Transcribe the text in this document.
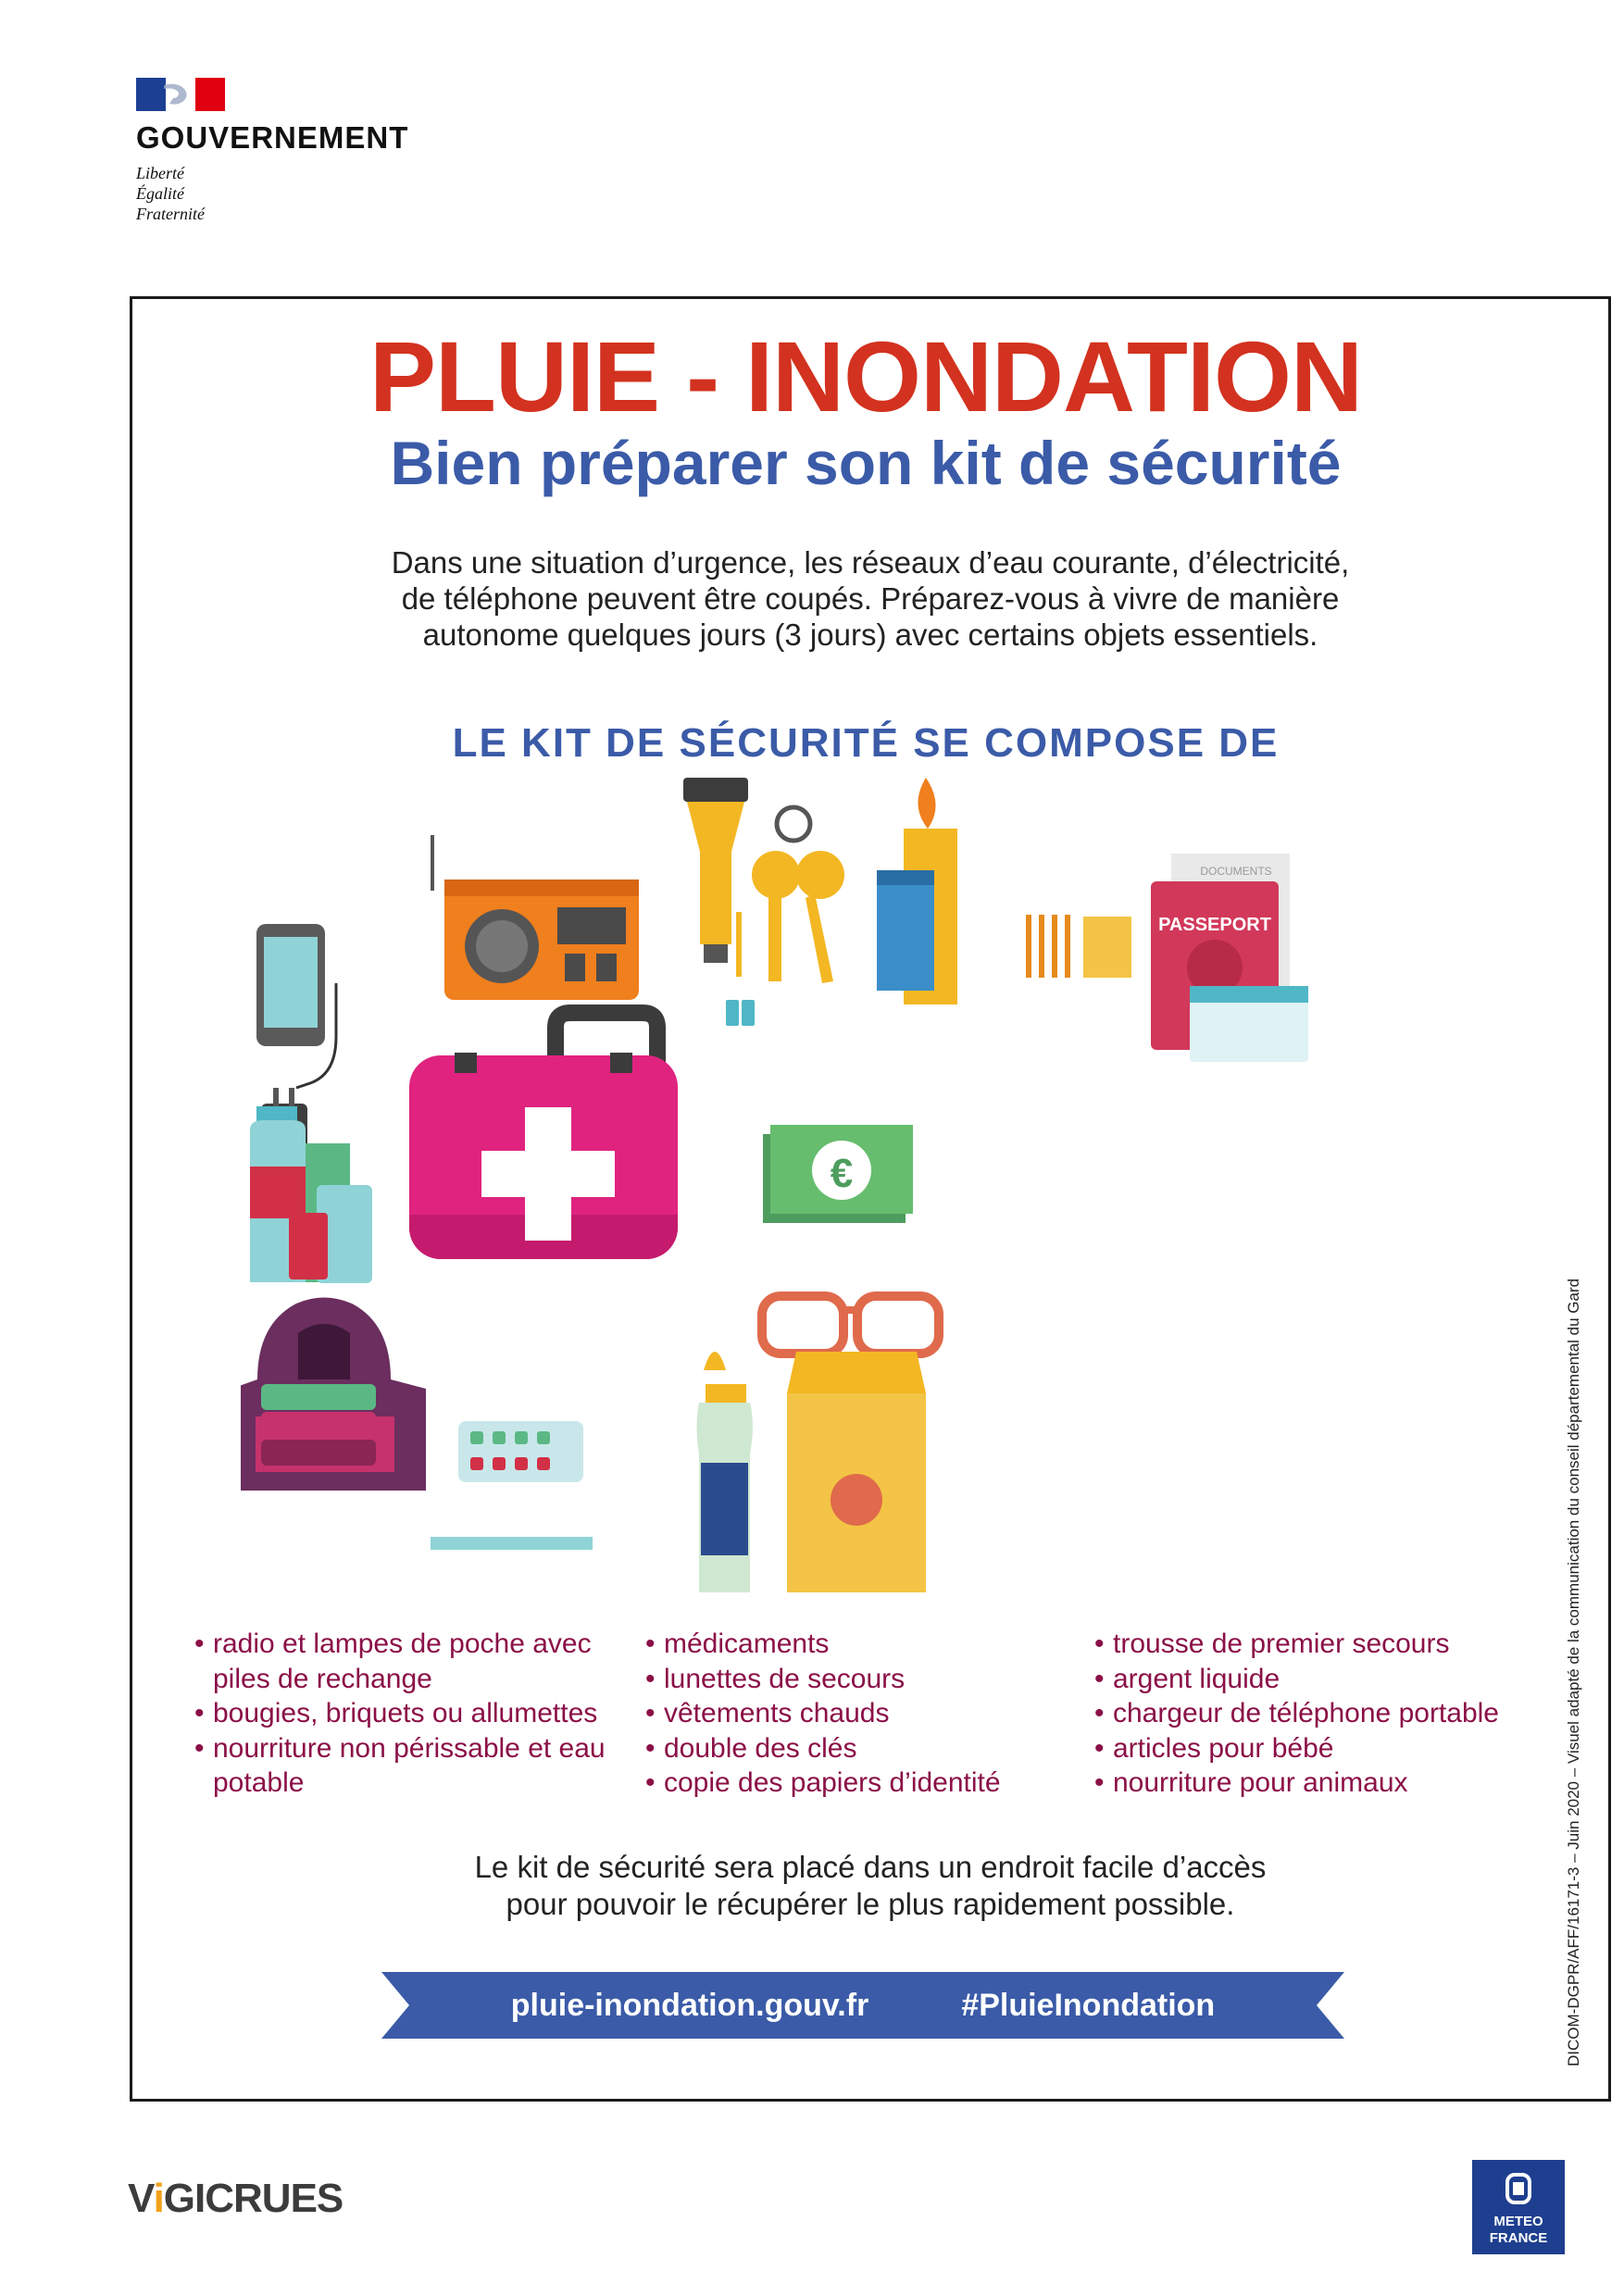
GOUVERNEMENT
Liberté
Égalité
Fraternité
PLUIE - INONDATION
Bien préparer son kit de sécurité
Dans une situation d’urgence, les réseaux d’eau courante, d’électricité,
de téléphone peuvent être coupés. Préparez-vous à vivre de manière
autonome quelques jours (3 jours) avec certains objets essentiels.
LE KIT DE SÉCURITÉ SE COMPOSE DE
PASSEPORT
DOCUMENTS
€
• radio et lampes de poche avec piles de rechange
• bougies, briquets ou allumettes
• nourriture non périssable et eau potable
• médicaments
• lunettes de secours
• vêtements chauds
• double des clés
• copie des papiers d’identité
• trousse de premier secours
• argent liquide
• chargeur de téléphone portable
• articles pour bébé
• nourriture pour animaux
Le kit de sécurité sera placé dans un endroit facile d’accès
pour pouvoir le récupérer le plus rapidement possible.
pluie-inondation.gouv.fr	#PluieInondation	DICOM-DGPR/AFF/16171-3 – Juin 2020 – Visuel adapté de la communication du conseil départemental du Gard
ViGICRUES
METEO
FRANCE
